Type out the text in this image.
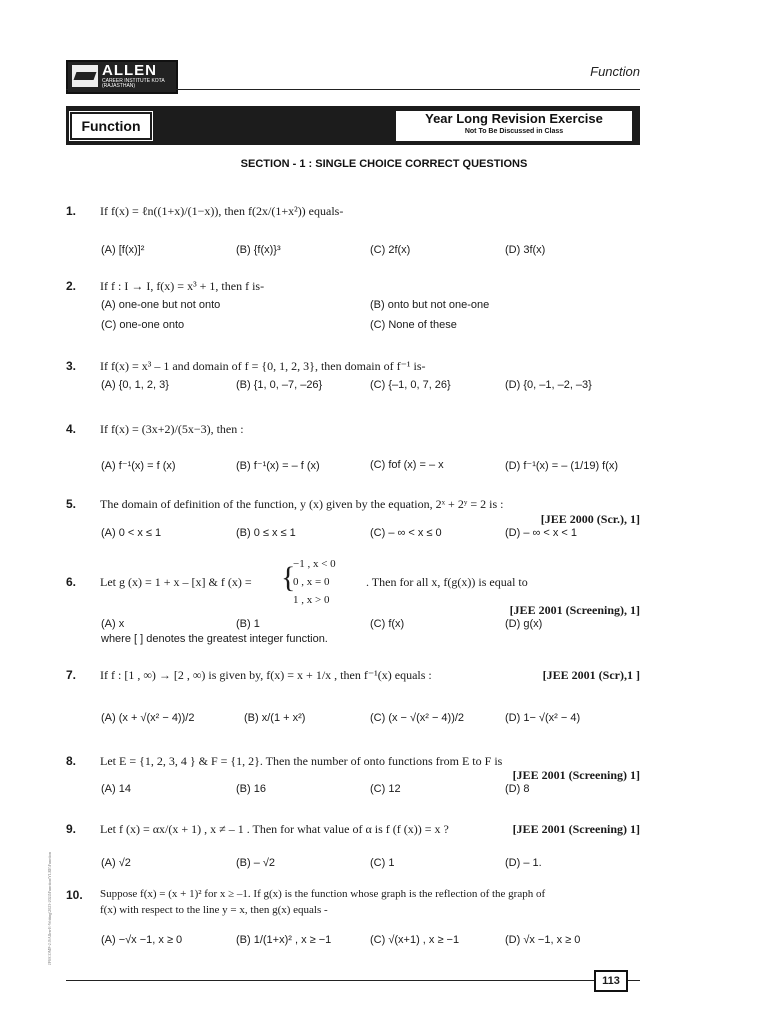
ALLEN
CAREER INSTITUTE KOTA (RAJASTHAN)
Function
Function	Year Long Revision Exercise
Not To Be Discussed in Class
SECTION - 1 : SINGLE CHOICE CORRECT QUESTIONS
1. If f(x) = ℓn((1+x)/(1−x)), then f(2x/(1+x²)) equals-
(A) [f(x)]²	(B) {f(x)}³	(C) 2f(x)	(D) 3f(x)
2. If f : I → I, f(x) = x³ + 1, then f is-
(A) one-one but not onto	(B) onto but not one-one
(C) one-one onto	(C) None of these
3. If f(x) = x³ – 1 and domain of f = {0, 1, 2, 3}, then domain of f⁻¹ is-
(A) {0, 1, 2, 3}	(B) {1, 0, –7, –26}	(C) {–1, 0, 7, 26}	(D) {0, –1, –2, –3}
4. If f(x) = (3x+2)/(5x−3), then :
(A) f⁻¹(x) = f (x)	(B) f⁻¹(x) = – f (x)	(C) fof (x) = – x	(D) f⁻¹(x) = – (1/19) f(x)
5. The domain of definition of the function, y (x) given by the equation, 2ˣ + 2ʸ = 2 is :
[JEE 2000 (Scr.), 1]
(A) 0 < x ≤ 1	(B) 0 ≤ x ≤ 1	(C) – ∞ < x ≤ 0	(D) – ∞ < x < 1
6. Let g (x) = 1 + x – [x] & f (x) = {
−1 , x < 0
0 , x = 0
1 , x > 0
. Then for all x, f(g(x)) is equal to
[JEE 2001 (Screening), 1]
(A) x	(B) 1	(C) f(x)	(D) g(x)
where [ ] denotes the greatest integer function.
7. If f : [1 , ∞) → [2 , ∞) is given by, f(x) = x + 1/x , then f⁻¹(x) equals :	[JEE 2001 (Scr),1 ]
(A) (x + √(x² − 4))/2	(B) x/(1 + x²)	(C) (x − √(x² − 4))/2	(D) 1− √(x² − 4)
8. Let E = {1, 2, 3, 4 } & F = {1, 2}. Then the number of onto functions from E to F is
[JEE 2001 (Screening) 1]
(A) 14	(B) 16	(C) 12	(D) 8
9. Let f (x) = αx/(x + 1) , x ≠ – 1 . Then for what value of α is f (f (x)) = x ?	[JEE 2001 (Screening) 1]
(A) √2	(B) – √2	(C) 1	(D) – 1.
10. Suppose f(x) = (x + 1)² for x ≥ –1. If g(x) is the function whose graph is the reflection of the graph of
f(x) with respect to the line y = x, then g(x) equals -
(A) −√x −1, x ≥ 0	(B) 1/(1+x)² , x ≥ −1	(C) √(x+1) , x ≥ −1	(D) √x −1, x ≥ 0
JPS\COMP-2.0\Allen-E-Writing\2023-2024\Function\YLRE\Function
113
